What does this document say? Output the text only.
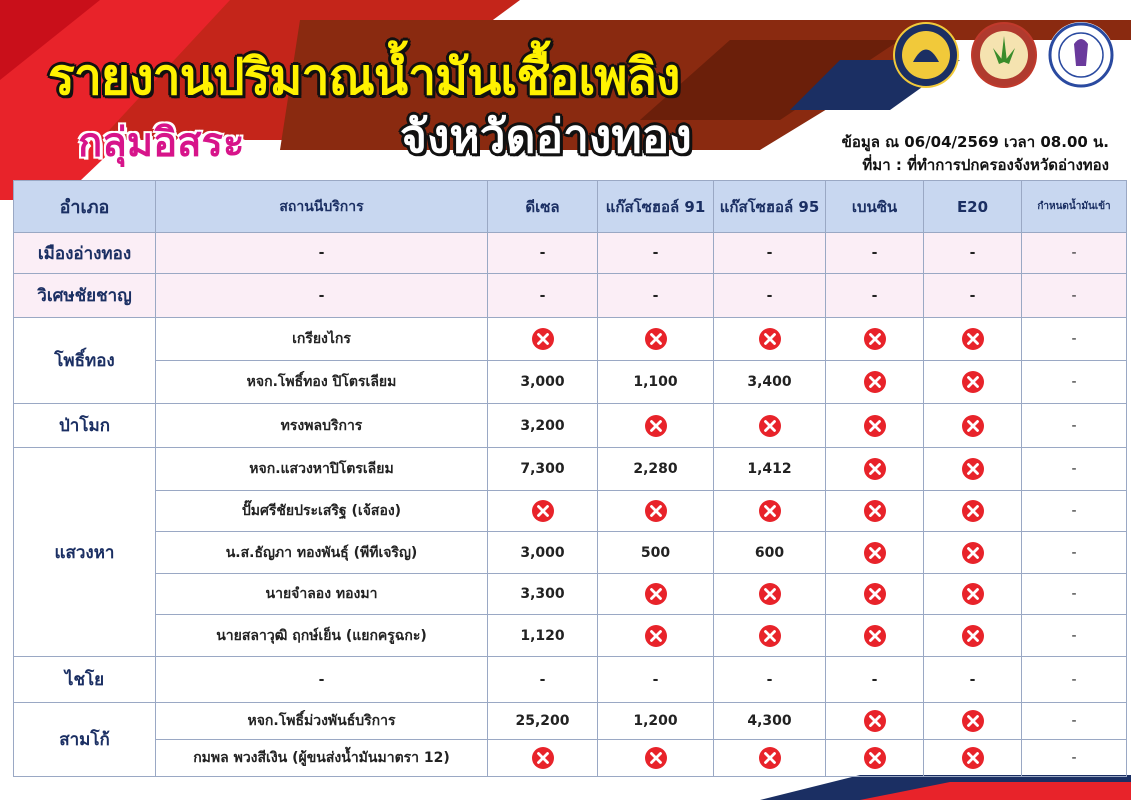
รายงานปริมาณน้ำมันเชื้อเพลิง
กลุ่มอิสระ	จังหวัดอ่างทอง	ข้อมูล ณ 06/04/2569 เวลา 08.00 น.
ที่มา : ที่ทำการปกครองจังหวัดอ่างทอง
อำเภอ	สถานนีบริการ	ดีเซล	แก๊สโซฮอล์ 91	แก๊สโซฮอล์ 95	เบนซิน	E20	กำหนดน้ำมันเข้า
เมืองอ่างทอง	-	-	-	-	-	-	-
วิเศษชัยชาญ	-	-	-	-	-	-	-
โพธิ์ทอง	เกรียงไกร						-
	หจก.โพธิ์ทอง ปิโตรเลียม	3,000	1,100	3,400			-
ป่าโมก	ทรงพลบริการ	3,200					-
แสวงหา	หจก.แสวงหาปิโตรเลียม	7,300	2,280	1,412			-
	ปั๊มศรีชัยประเสริฐ (เจ้สอง)						-
	น.ส.ธัญภา ทองพันธุ์ (พีทีเจริญ)	3,000	500	600			-
	นายจำลอง ทองมา	3,300					-
	นายสลาวุฒิ ฤกษ์เย็น (แยกครูฉกะ)	1,120					-
ไชโย	-	-	-	-	-	-	-
สามโก้	หจก.โพธิ์ม่วงพันธ์บริการ	25,200	1,200	4,300			-
	กมพล พวงสีเงิน (ผู้ขนส่งน้ำมันมาตรา 12)						-
